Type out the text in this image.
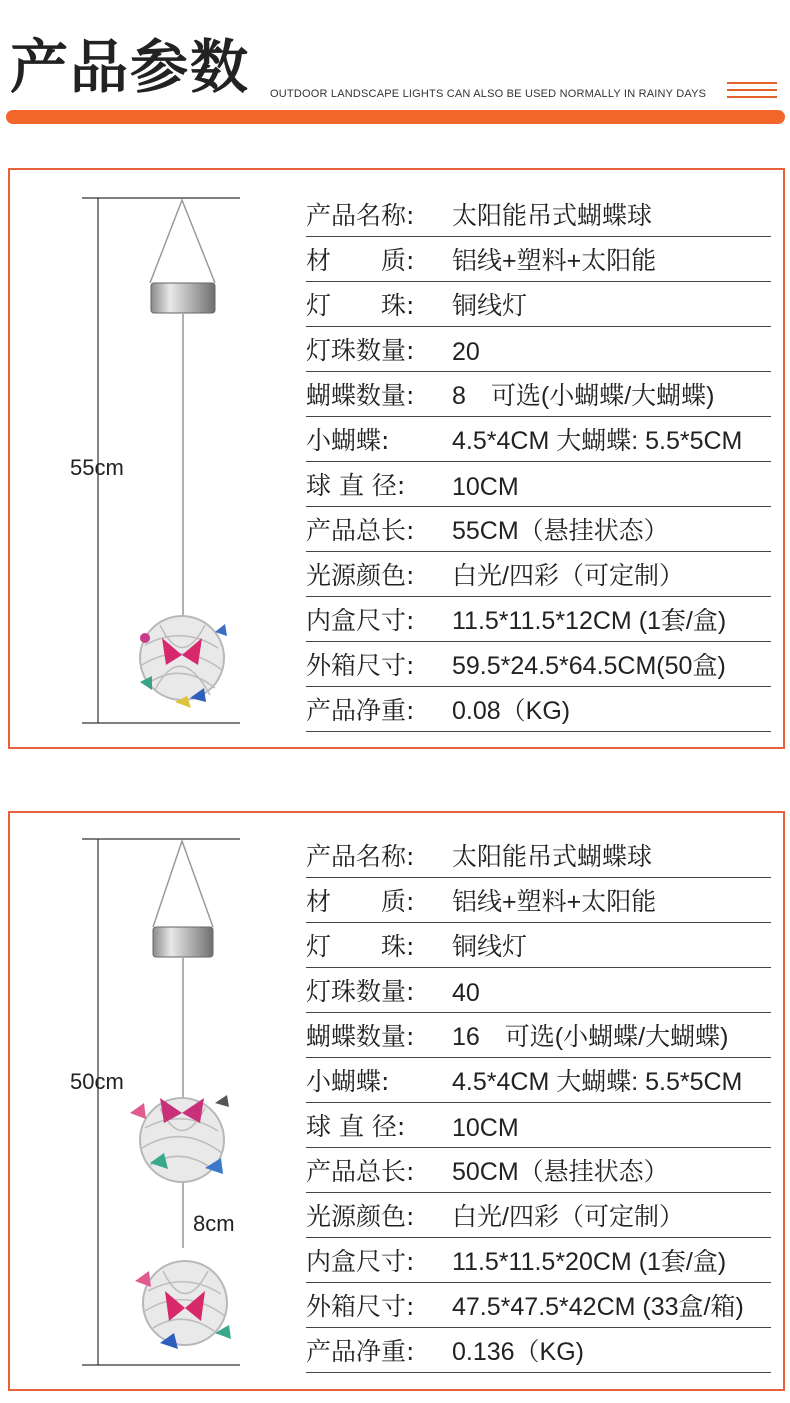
产品参数 OUTDOOR LANDSCAPE LIGHTS CAN ALSO BE USED NORMALLY IN RAINY DAYS
55cm
产品名称:	太阳能吊式蝴蝶球
材　　质:	铝线+塑料+太阳能
灯　　珠:	铜线灯
灯珠数量:	20
蝴蝶数量:	8　可选(小蝴蝶/大蝴蝶)
小蝴蝶:	4.5*4CM 大蝴蝶: 5.5*5CM
球 直 径:	10CM
产品总长:	55CM（悬挂状态）
光源颜色:	白光/四彩（可定制）
内盒尺寸:	11.5*11.5*12CM (1套/盒)
外箱尺寸:	59.5*24.5*64.5CM(50盒)
产品净重:	0.08（KG)
50cm
8cm
产品名称:	太阳能吊式蝴蝶球
材　　质:	铝线+塑料+太阳能
灯　　珠:	铜线灯
灯珠数量:	40
蝴蝶数量:	16　可选(小蝴蝶/大蝴蝶)
小蝴蝶:	4.5*4CM 大蝴蝶: 5.5*5CM
球 直 径:	10CM
产品总长:	50CM（悬挂状态）
光源颜色:	白光/四彩（可定制）
内盒尺寸:	11.5*11.5*20CM (1套/盒)
外箱尺寸:	47.5*47.5*42CM (33盒/箱)
产品净重:	0.136（KG)
